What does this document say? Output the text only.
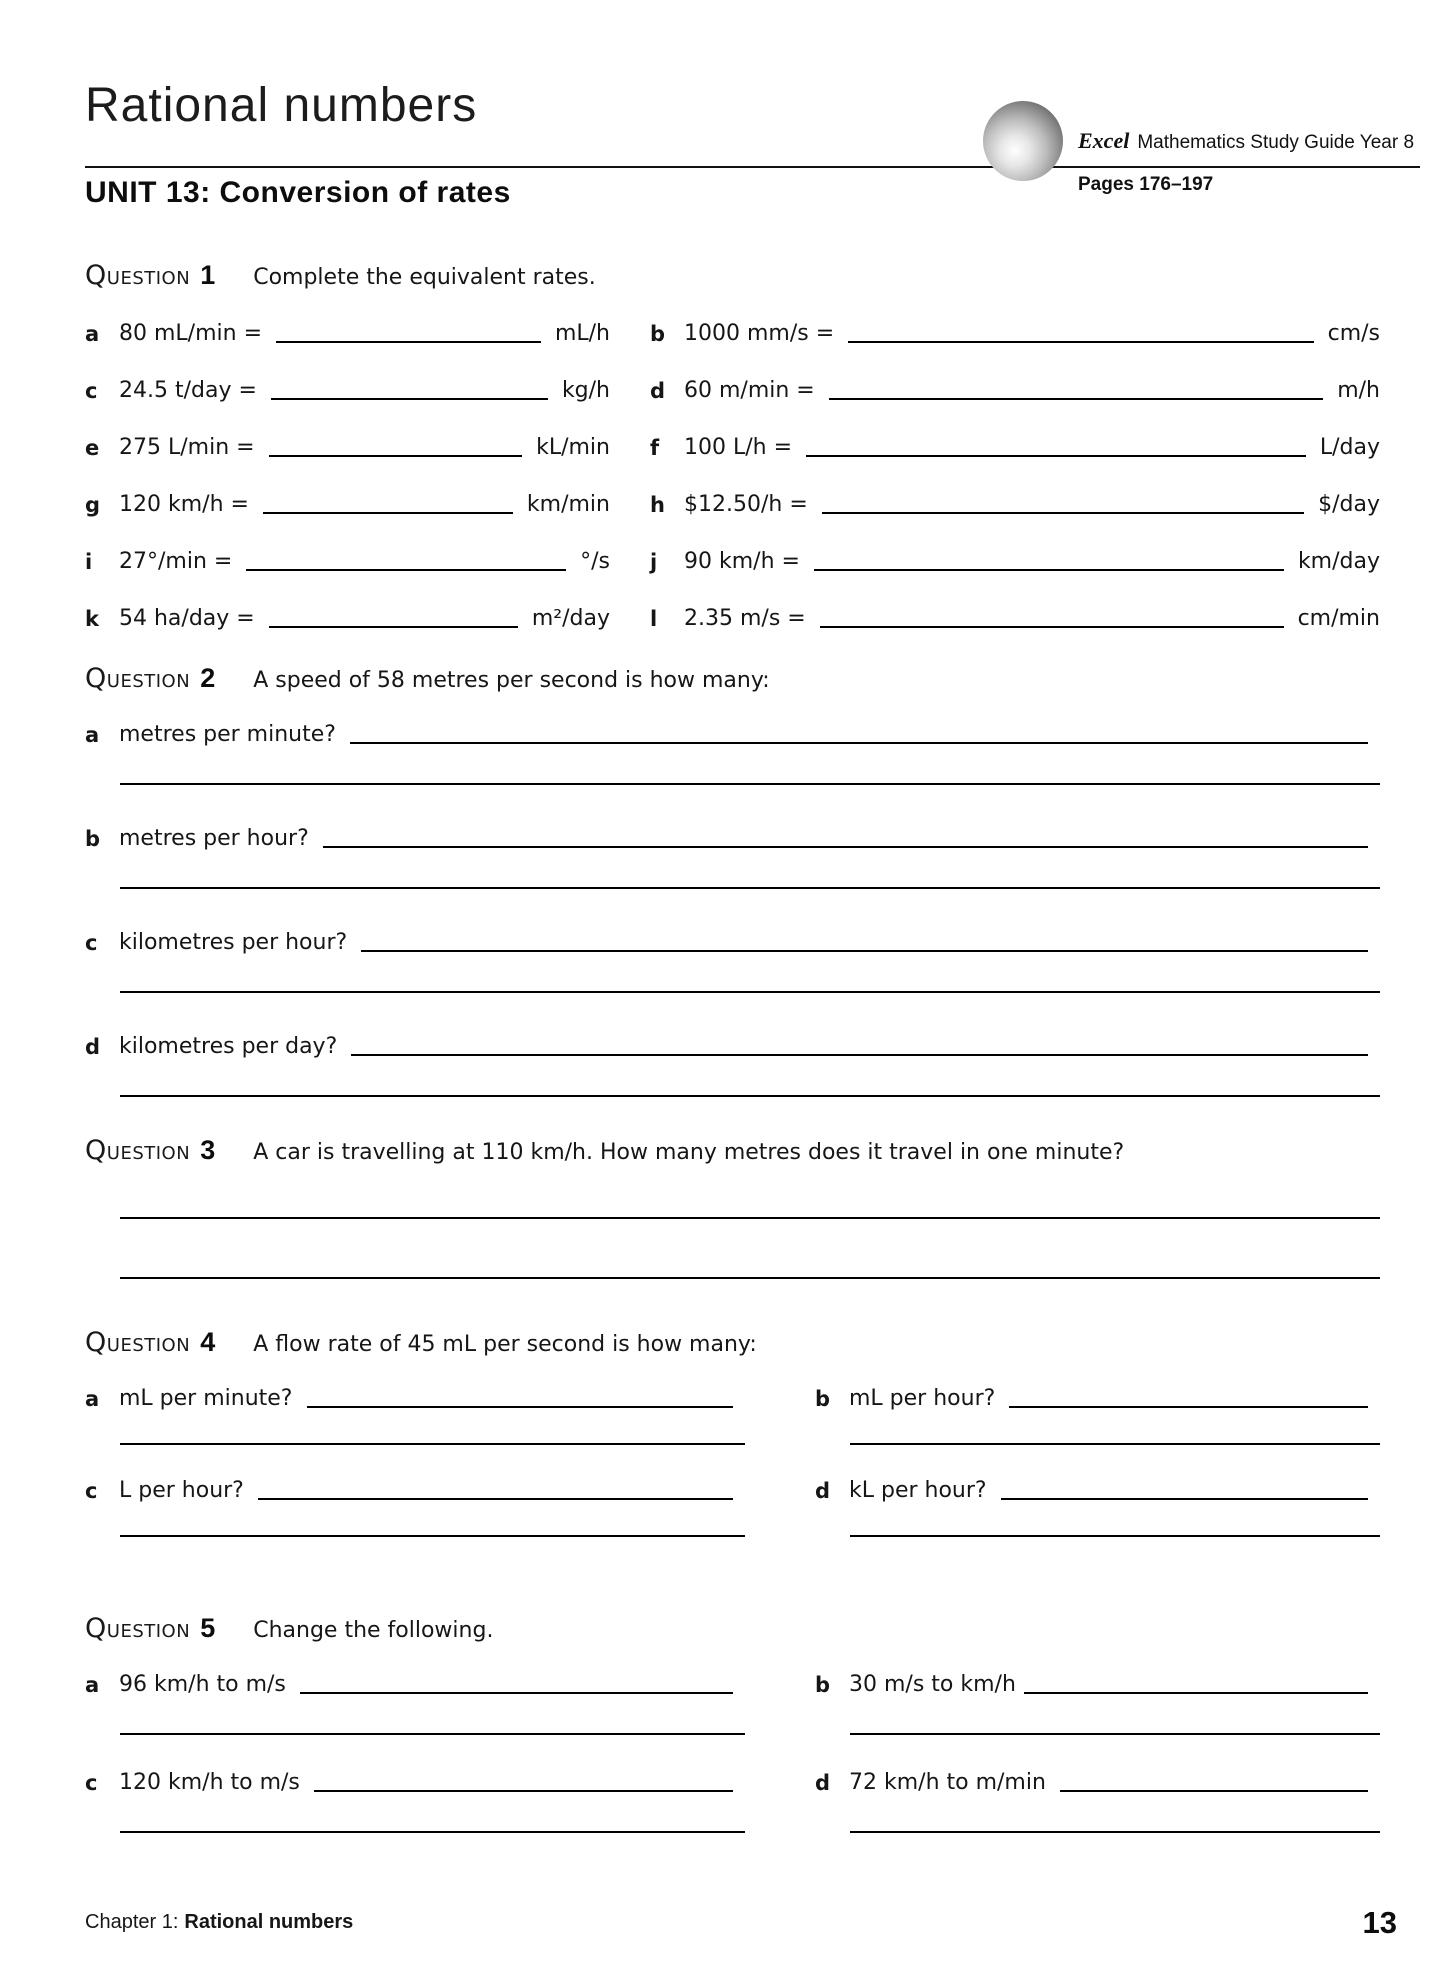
Rational numbers
Excel Mathematics Study Guide Year 8
Pages 176–197
UNIT 13: Conversion of rates
QUESTION 1 Complete the equivalent rates.
a 80 mL/min =	mL/h b 1000 mm/s =	cm/s
c 24.5 t/day =	kg/h d 60 m/min =	m/h
e 275 L/min =	kL/min f	100 L/h =	L/day
g 120 km/h =	km/min h $12.50/h =	$/day
i	27°/min =	°/s j	90 km/h =	km/day
k 54 ha/day =	m²/day l	2.35 m/s =	cm/min
QUESTION 2 A speed of 58 metres per second is how many:
a metres per minute?
b metres per hour?
c kilometres per hour?
d kilometres per day?
QUESTION 3 A car is travelling at 110 km/h. How many metres does it travel in one minute?
QUESTION 4 A flow rate of 45 mL per second is how many:
a mL per minute?	b mL per hour?
c L per hour?	d kL per hour?
QUESTION 5 Change the following.
a 96 km/h to m/s	b 30 m/s to km/h
c 120 km/h to m/s	d 72 km/h to m/min
Chapter 1: Rational numbers	13
